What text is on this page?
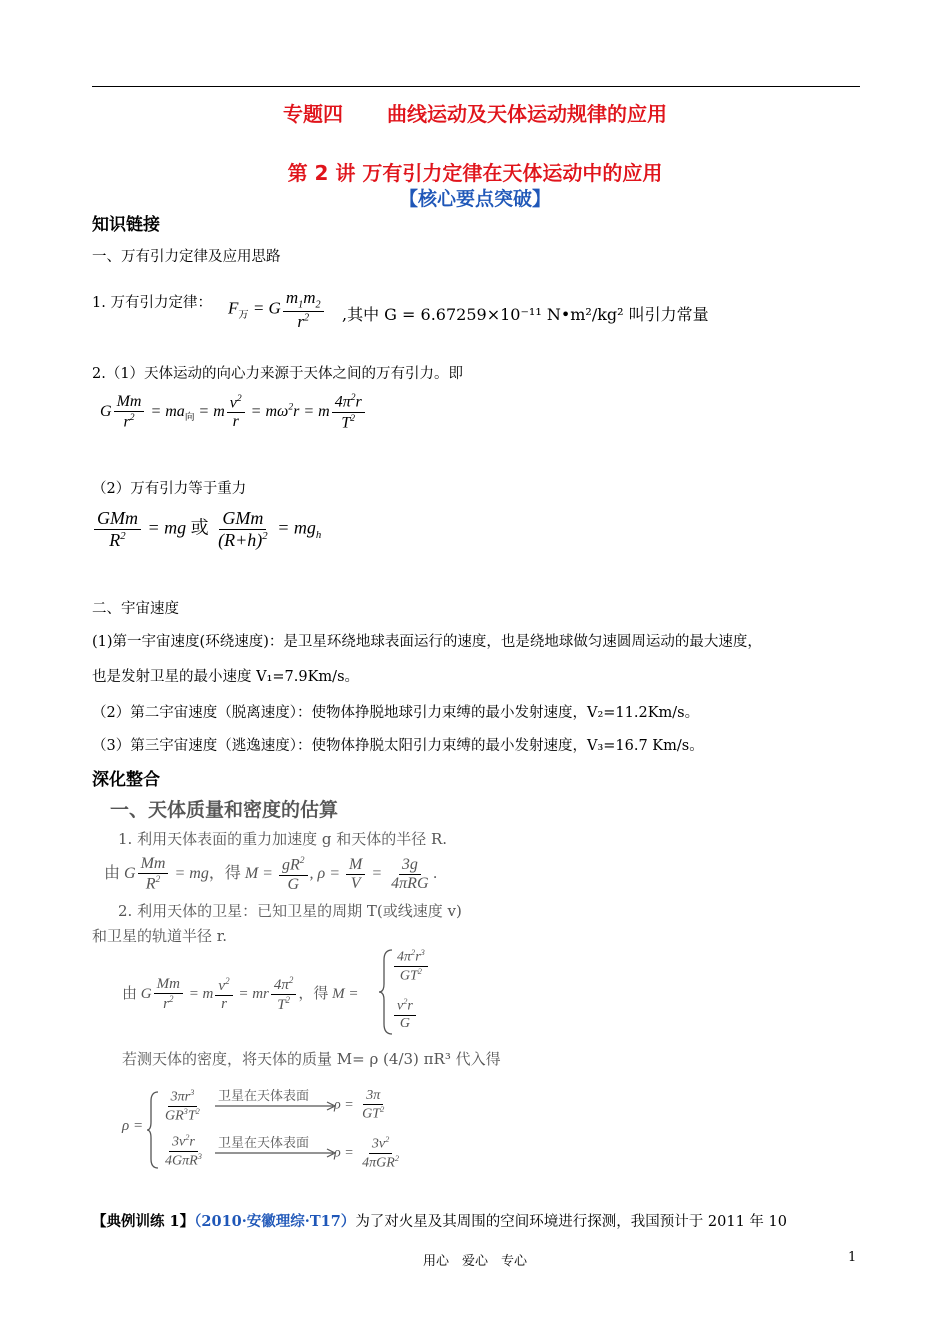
专题四 曲线运动及天体运动规律的应用
第 2 讲 万有引力定律在天体运动中的应用
【核心要点突破】
知识链接
一、万有引力定律及应用思路
1. 万有引力定律： $F_万 = G \frac{m_1m_2}{r^2}$ ,其中 G = 6.67259×10⁻¹¹ N•m²/kg² 叫引力常量
2.（1）天体运动的向心力来源于天体之间的万有引力。即
G $\frac{Mm}{r^2} = ma_向 = m \frac{v^2}{r} = m\omega^2r = m \frac{4\pi^2r}{T^2}$
（2）万有引力等于重力
$\frac{\text{GMm}}{R^2}$ = mg 或 $\frac{\text{GMm}}{(R+h)^2} = mg_h$
二、宇宙速度
(1)第一宇宙速度(环绕速度)：是卫星环绕地球表面运行的速度，也是绕地球做匀速圆周运动的最大速度，
也是发射卫星的最小速度 V₁=7.9Km/s。
（2）第二宇宙速度（脱离速度）：使物体挣脱地球引力束缚的最小发射速度，V₂=11.2Km/s。
（3）第三宇宙速度（逃逸速度）：使物体挣脱太阳引力束缚的最小发射速度，V₃=16.7 Km/s。
深化整合
一、天体质量和密度的估算
1. 利用天体表面的重力加速度 g 和天体的半径 R.
由 G $\frac{Mm}{R^2}$ = mg，得 $M = \frac{gR^2}{G}$ , $\rho = \frac{M}{V} = \frac{3g}{\text{4πRG}}$ .
2. 利用天体的卫星：已知卫星的周期 T(或线速度 v)
和卫星的轨道半径 r.
由 G $\frac{Mm}{r^2} = m \frac{v^2}{r}$ = mr $\frac{4\pi^2}{T^2}$ ，得 M =
$\frac{4\pi^2r^3}{GT^2}$
$\frac{v^2r}{G}$
若测天体的密度，将天体的质量 M= ρ (4/3) πR³ 代入得
ρ =
$\frac{3\pi r^3}{GR^3T^2}$
$\frac{3v^2r}{4G\pi R^3}$
卫星在天体表面
$\rho = \frac{3\pi}{GT^2}$
卫星在天体表面
$\rho = \frac{3v^2}{4\pi GR^2}$
【典例训练 1】（2010·安徽理综·T17）为了对火星及其周围的空间环境进行探测，我国预计于 2011 年 10
用心　爱心　专心	1
